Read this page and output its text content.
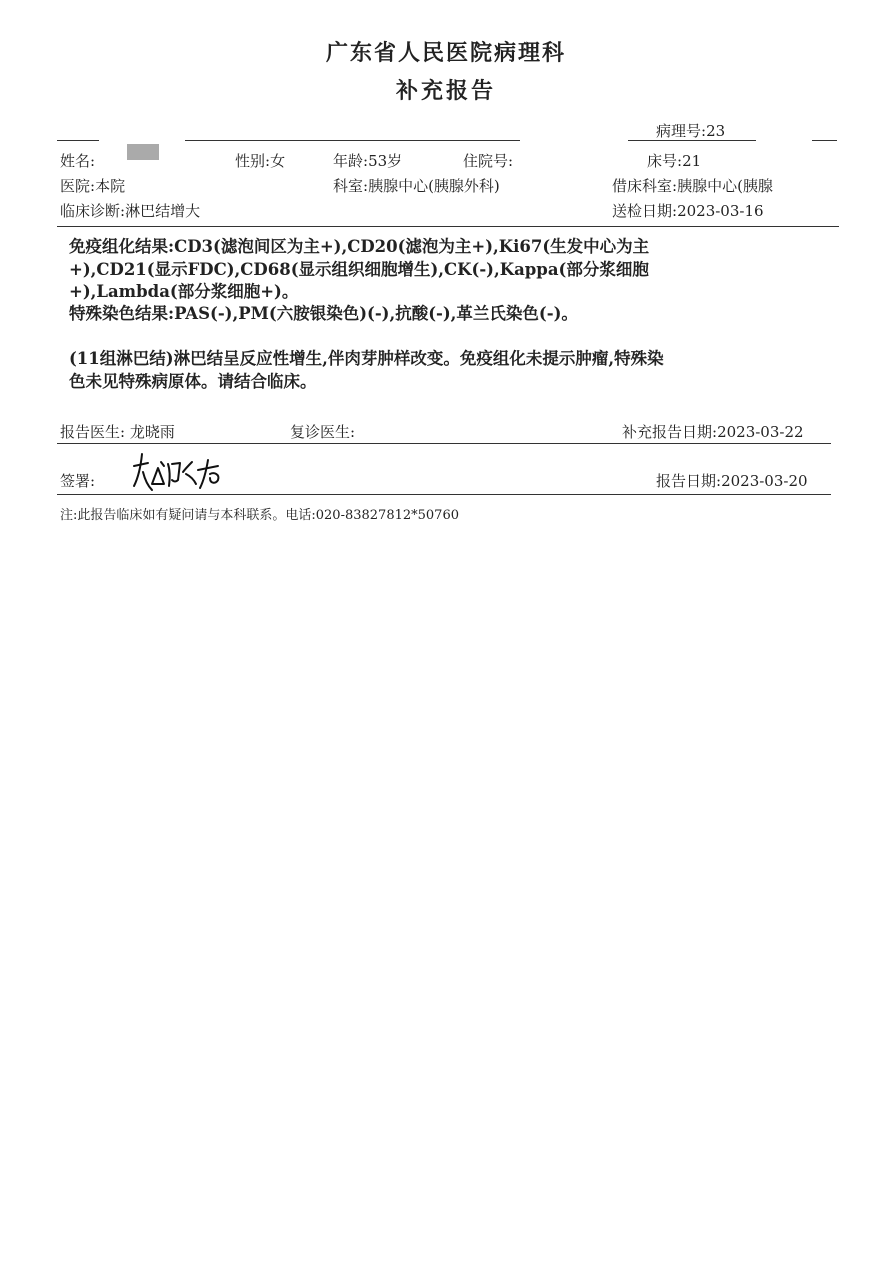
广东省人民医院病理科
补充报告
病理号:23
姓名:	性别:女	年龄:53岁	住院号:	床号:21
医院:本院	科室:胰腺中心(胰腺外科)	借床科室:胰腺中心(胰腺
临床诊断:淋巴结增大	送检日期:2023-03-16
免疫组化结果:CD3(滤泡间区为主+),CD20(滤泡为主+),Ki67(生发中心为主
+),CD21(显示FDC),CD68(显示组织细胞增生),CK(-),Kappa(部分浆细胞
+),Lambda(部分浆细胞+)。
特殊染色结果:PAS(-),PM(六胺银染色)(-),抗酸(-),革兰氏染色(-)。
(11组淋巴结)淋巴结呈反应性增生,伴肉芽肿样改变。免疫组化未提示肿瘤,特殊染
色未见特殊病原体。请结合临床。
报告医生: 龙晓雨	复诊医生:	补充报告日期:2023-03-22
签署:	报告日期:2023-03-20
注:此报告临床如有疑问请与本科联系。电话:020-83827812*50760
